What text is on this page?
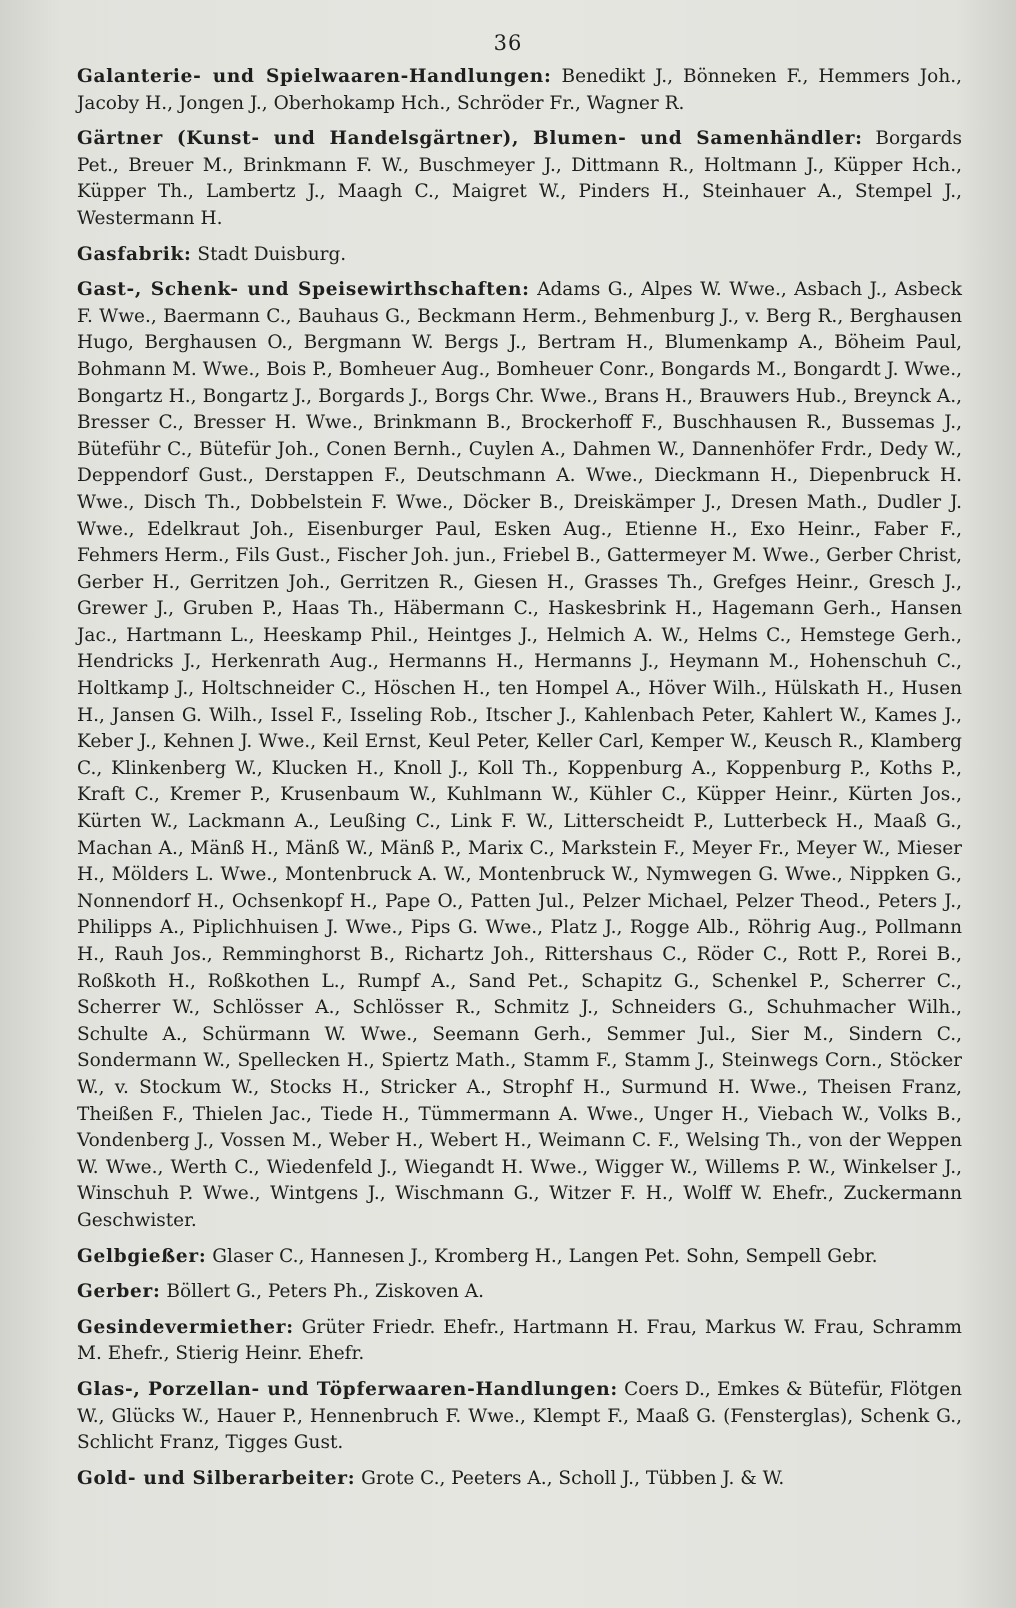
36

Galanterie- und Spielwaaren-Handlungen: Benedikt J., Bönneken F., Hemmers Joh., Jacoby H., Jongen J., Oberhokamp Hch., Schröder Fr., Wagner R.

Gärtner (Kunst- und Handelsgärtner), Blumen- und Samenhändler: Borgards Pet., Breuer M., Brinkmann F. W., Buschmeyer J., Dittmann R., Holtmann J., Küpper Hch., Küpper Th., Lambertz J., Maagh C., Maigret W., Pinders H., Steinhauer A., Stempel J., Westermann H.

Gasfabrik: Stadt Duisburg.

Gast-, Schenk- und Speisewirthschaften: Adams G., Alpes W. Wwe., Asbach J., Asbeck F. Wwe., Baermann C., Bauhaus G., Beckmann Herm., Behmenburg J., v. Berg R., Berghausen Hugo, Berghausen O., Bergmann W. Bergs J., Bertram H., Blumenkamp A., Böheim Paul, Bohmann M. Wwe., Bois P., Bomheuer Aug., Bomheuer Conr., Bongards M., Bongardt J. Wwe., Bongartz H., Bongartz J., Borgards J., Borgs Chr. Wwe., Brans H., Brauwers Hub., Breynck A., Bresser C., Bresser H. Wwe., Brinkmann B., Brockerhoff F., Buschhausen R., Bussemas J., Büteführ C., Bütefür Joh., Conen Bernh., Cuylen A., Dahmen W., Dannenhöfer Frdr., Dedy W., Deppendorf Gust., Derstappen F., Deutschmann A. Wwe., Dieckmann H., Diepenbruck H. Wwe., Disch Th., Dobbelstein F. Wwe., Döcker B., Dreiskämper J., Dresen Math., Dudler J. Wwe., Edelkraut Joh., Eisenburger Paul, Esken Aug., Etienne H., Exo Heinr., Faber F., Fehmers Herm., Fils Gust., Fischer Joh. jun., Friebel B., Gattermeyer M. Wwe., Gerber Christ, Gerber H., Gerritzen Joh., Gerritzen R., Giesen H., Grasses Th., Grefges Heinr., Gresch J., Grewer J., Gruben P., Haas Th., Häbermann C., Haskesbrink H., Hagemann Gerh., Hansen Jac., Hartmann L., Heeskamp Phil., Heintges J., Helmich A. W., Helms C., Hemstege Gerh., Hendricks J., Herkenrath Aug., Hermanns H., Hermanns J., Heymann M., Hohenschuh C., Holtkamp J., Holtschneider C., Höschen H., ten Hompel A., Höver Wilh., Hülskath H., Husen H., Jansen G. Wilh., Issel F., Isseling Rob., Itscher J., Kahlenbach Peter, Kahlert W., Kames J., Keber J., Kehnen J. Wwe., Keil Ernst, Keul Peter, Keller Carl, Kemper W., Keusch R., Klamberg C., Klinkenberg W., Klucken H., Knoll J., Koll Th., Koppenburg A., Koppenburg P., Koths P., Kraft C., Kremer P., Krusenbaum W., Kuhlmann W., Kühler C., Küpper Heinr., Kürten Jos., Kürten W., Lackmann A., Leußing C., Link F. W., Litterscheidt P., Lutterbeck H., Maaß G., Machan A., Mänß H., Mänß W., Mänß P., Marix C., Markstein F., Meyer Fr., Meyer W., Mieser H., Mölders L. Wwe., Montenbruck A. W., Montenbruck W., Nymwegen G. Wwe., Nippken G., Nonnendorf H., Ochsenkopf H., Pape O., Patten Jul., Pelzer Michael, Pelzer Theod., Peters J., Philipps A., Piplichhuisen J. Wwe., Pips G. Wwe., Platz J., Rogge Alb., Röhrig Aug., Pollmann H., Rauh Jos., Remminghorst B., Richartz Joh., Rittershaus C., Röder C., Rott P., Rorei B., Roßkoth H., Roßkothen L., Rumpf A., Sand Pet., Schapitz G., Schenkel P., Scherrer C., Scherrer W., Schlösser A., Schlösser R., Schmitz J., Schneiders G., Schuhmacher Wilh., Schulte A., Schürmann W. Wwe., Seemann Gerh., Semmer Jul., Sier M., Sindern C., Sondermann W., Spellecken H., Spiertz Math., Stamm F., Stamm J., Steinwegs Corn., Stöcker W., v. Stockum W., Stocks H., Stricker A., Strophf H., Surmund H. Wwe., Theisen Franz, Theißen F., Thielen Jac., Tiede H., Tümmermann A. Wwe., Unger H., Viebach W., Volks B., Vondenberg J., Vossen M., Weber H., Webert H., Weimann C. F., Welsing Th., von der Weppen W. Wwe., Werth C., Wiedenfeld J., Wiegandt H. Wwe., Wigger W., Willems P. W., Winkelser J., Winschuh P. Wwe., Wintgens J., Wischmann G., Witzer F. H., Wolff W. Ehefr., Zuckermann Geschwister.

Gelbgießer: Glaser C., Hannesen J., Kromberg H., Langen Pet. Sohn, Sempell Gebr.

Gerber: Böllert G., Peters Ph., Ziskoven A.

Gesindevermiether: Grüter Friedr. Ehefr., Hartmann H. Frau, Markus W. Frau, Schramm M. Ehefr., Stierig Heinr. Ehefr.

Glas-, Porzellan- und Töpferwaaren-Handlungen: Coers D., Emkes & Bütefür, Flötgen W., Glücks W., Hauer P., Hennenbruch F. Wwe., Klempt F., Maaß G. (Fensterglas), Schenk G., Schlicht Franz, Tigges Gust.

Gold- und Silberarbeiter: Grote C., Peeters A., Scholl J., Tübben J. & W.
